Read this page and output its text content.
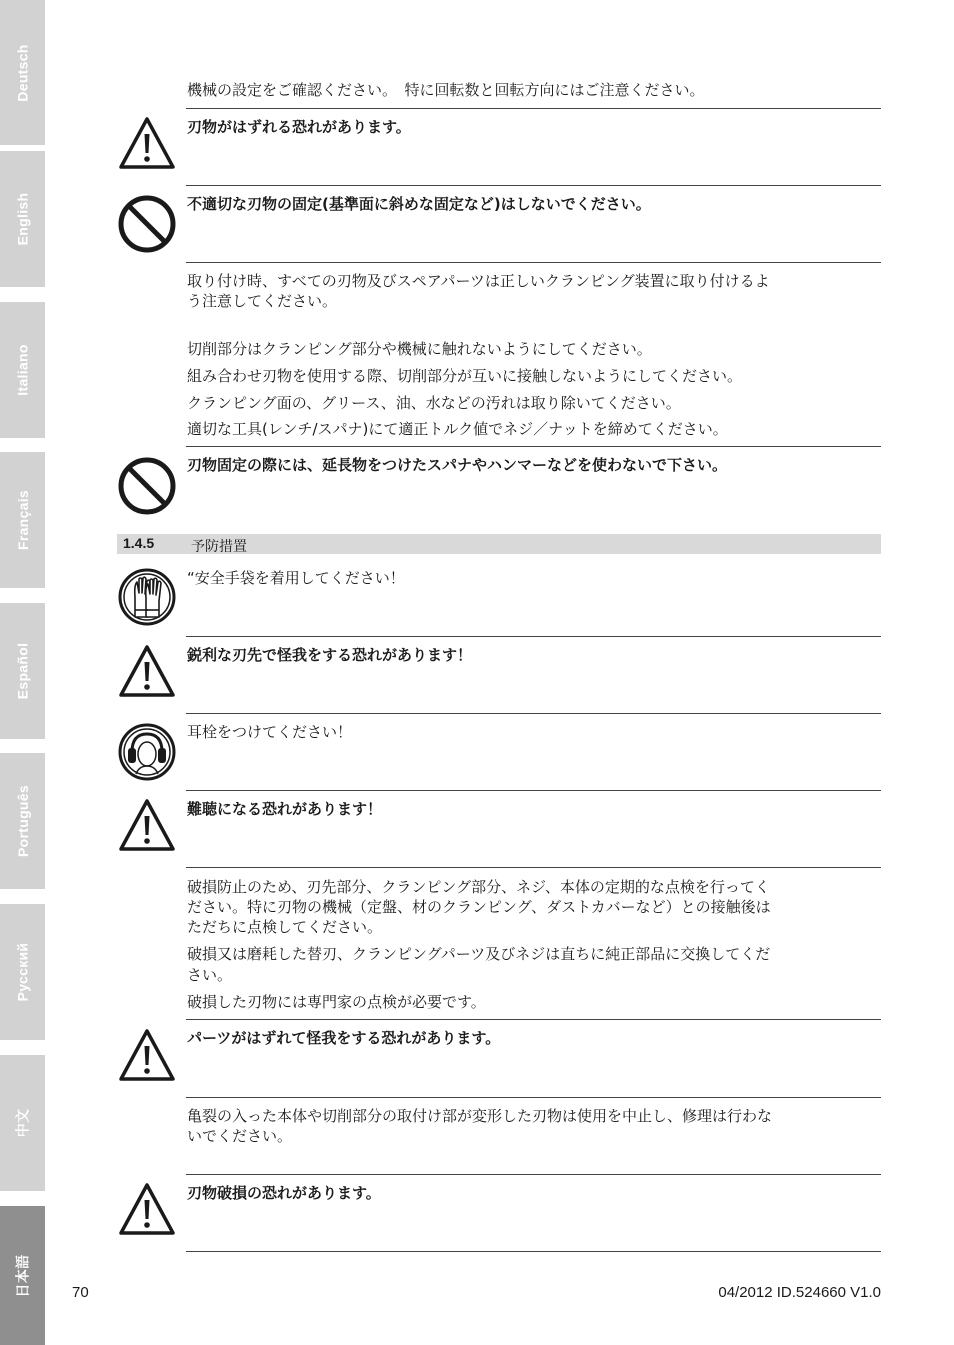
Deutsch
English
Italiano
Français
Español
Português
Русский
中文
日本語
機械の設定をご確認ください。　特に回転数と回転方向にはご注意ください。
刃物がはずれる恐れがあります。
不適切な刃物の固定(基準面に斜めな固定など)はしないでください。
取り付け時、すべての刃物及びスペアパーツは正しいクランピング装置に取り付けるよ
う注意してください。
切削部分はクランピング部分や機械に触れないようにしてください。
組み合わせ刃物を使用する際、切削部分が互いに接触しないようにしてください。
クランピング面の、グリース、油、水などの汚れは取り除いてください。
適切な工具(レンチ/スパナ)にて適正トルク値でネジ／ナットを締めてください。
刃物固定の際には、延長物をつけたスパナやハンマーなどを使わないで下さい。
1.4.5	予防措置
“安全手袋を着用してください！
鋭利な刃先で怪我をする恐れがあります！
耳栓をつけてください！
難聴になる恐れがあります！
破損防止のため、刃先部分、クランピング部分、ネジ、本体の定期的な点検を行ってく
ださい。特に刃物の機械（定盤、材のクランピング、ダストカバーなど）との接触後は
ただちに点検してください。
破損又は磨耗した替刃、クランピングパーツ及びネジは直ちに純正部品に交換してくだ
さい。
破損した刃物には専門家の点検が必要です。
パーツがはずれて怪我をする恐れがあります。
亀裂の入った本体や切削部分の取付け部が変形した刃物は使用を中止し、修理は行わな
いでください。
刃物破損の恐れがあります。
70	04/2012 ID.524660 V1.0
